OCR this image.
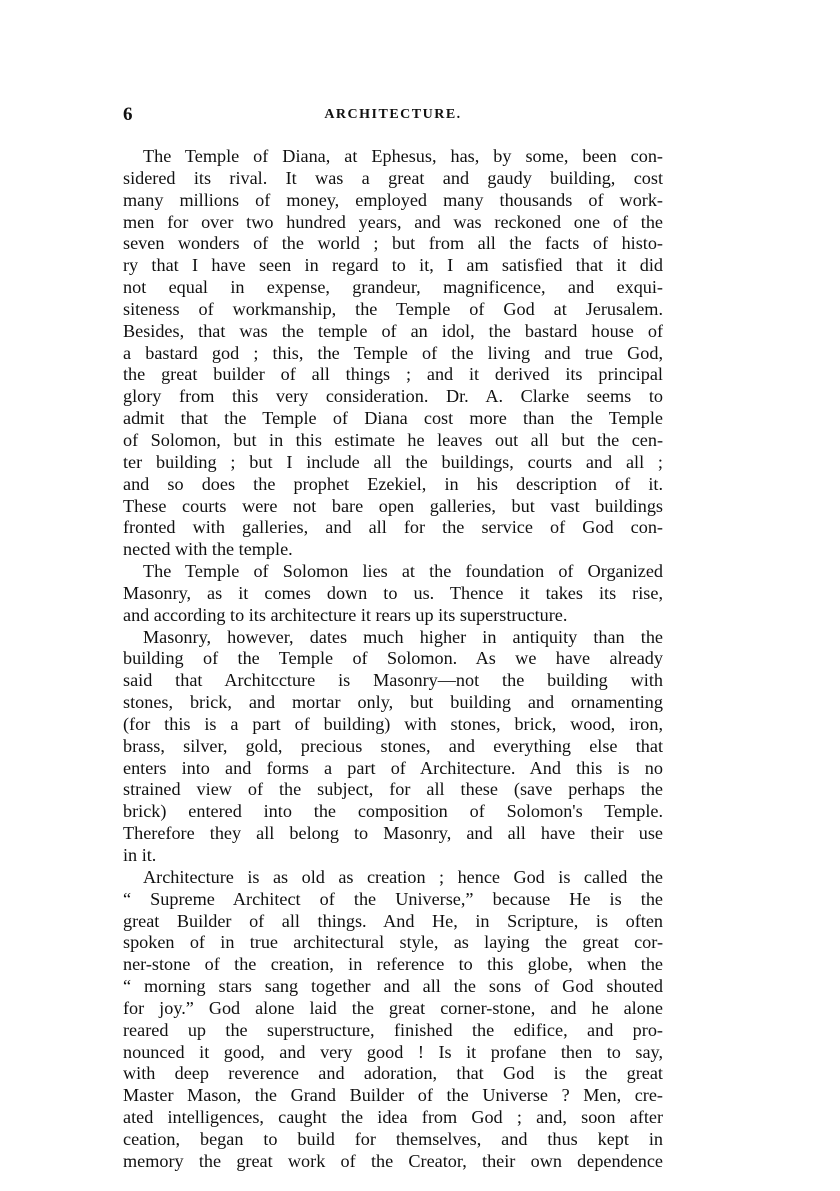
6	ARCHITECTURE.
The Temple of Diana, at Ephesus, has, by some, been con-
sidered its rival. It was a great and gaudy building, cost
many millions of money, employed many thousands of work-
men for over two hundred years, and was reckoned one of the
seven wonders of the world ; but from all the facts of histo-
ry that I have seen in regard to it, I am satisfied that it did
not equal in expense, grandeur, magnificence, and exqui-
siteness of workmanship, the Temple of God at Jerusalem.
Besides, that was the temple of an idol, the bastard house of
a bastard god ; this, the Temple of the living and true God,
the great builder of all things ; and it derived its principal
glory from this very consideration. Dr. A. Clarke seems to
admit that the Temple of Diana cost more than the Temple
of Solomon, but in this estimate he leaves out all but the cen-
ter building ; but I include all the buildings, courts and all ;
and so does the prophet Ezekiel, in his description of it.
These courts were not bare open galleries, but vast buildings
fronted with galleries, and all for the service of God con-
nected with the temple.
The Temple of Solomon lies at the foundation of Organized
Masonry, as it comes down to us. Thence it takes its rise,
and according to its architecture it rears up its superstructure.
Masonry, however, dates much higher in antiquity than the
building of the Temple of Solomon. As we have already
said that Architccture is Masonry—not the building with
stones, brick, and mortar only, but building and ornamenting
(for this is a part of building) with stones, brick, wood, iron,
brass, silver, gold, precious stones, and everything else that
enters into and forms a part of Architecture. And this is no
strained view of the subject, for all these (save perhaps the
brick) entered into the composition of Solomon's Temple.
Therefore they all belong to Masonry, and all have their use
in it.
Architecture is as old as creation ; hence God is called the
“ Supreme Architect of the Universe,” because He is the
great Builder of all things. And He, in Scripture, is often
spoken of in true architectural style, as laying the great cor-
ner-stone of the creation, in reference to this globe, when the
“ morning stars sang together and all the sons of God shouted
for joy.” God alone laid the great corner-stone, and he alone
reared up the superstructure, finished the edifice, and pro-
nounced it good, and very good ! Is it profane then to say,
with deep reverence and adoration, that God is the great
Master Mason, the Grand Builder of the Universe ? Men, cre-
ated intelligences, caught the idea from God ; and, soon after
ceation, began to build for themselves, and thus kept in
memory the great work of the Creator, their own dependence
